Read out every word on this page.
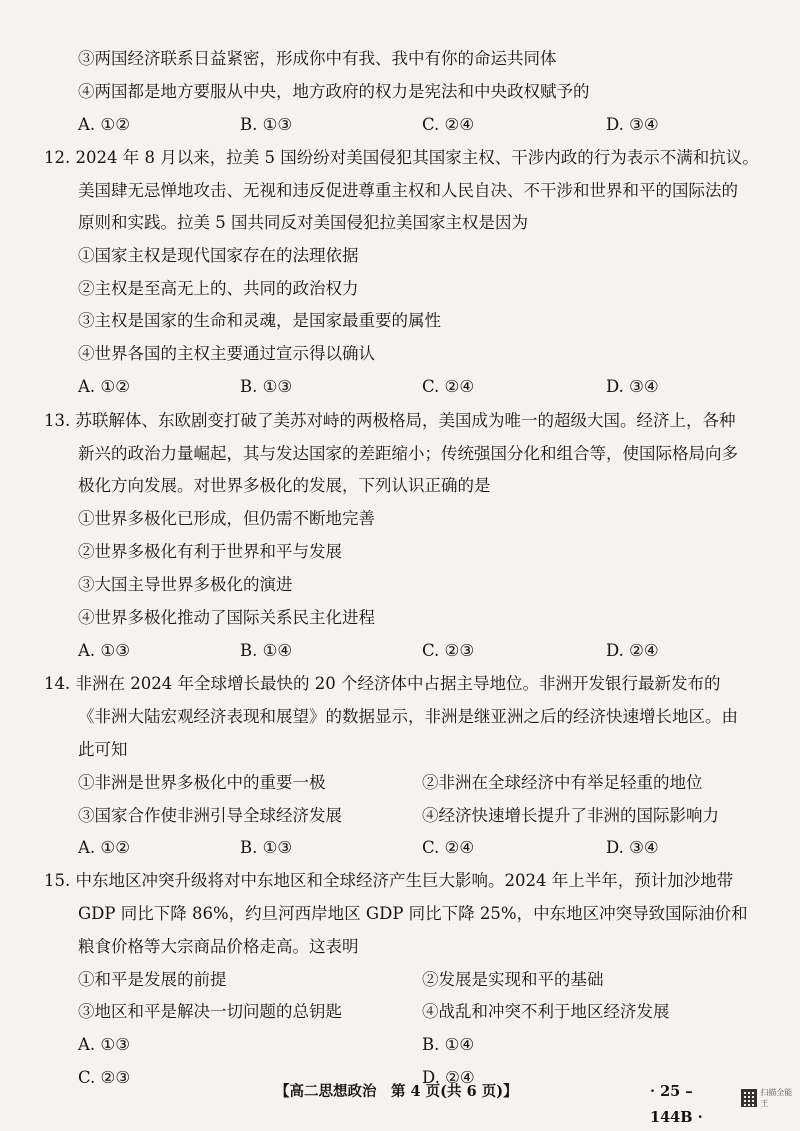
③两国经济联系日益紧密，形成你中有我、我中有你的命运共同体
④两国都是地方要服从中央，地方政府的权力是宪法和中央政权赋予的
A. ①②	B. ①③	C. ②④	D. ③④
12. 2024 年 8 月以来，拉美 5 国纷纷对美国侵犯其国家主权、干涉内政的行为表示不满和抗议。
美国肆无忌惮地攻击、无视和违反促进尊重主权和人民自决、不干涉和世界和平的国际法的
原则和实践。拉美 5 国共同反对美国侵犯拉美国家主权是因为
①国家主权是现代国家存在的法理依据
②主权是至高无上的、共同的政治权力
③主权是国家的生命和灵魂，是国家最重要的属性
④世界各国的主权主要通过宣示得以确认
A. ①②	B. ①③	C. ②④	D. ③④
13. 苏联解体、东欧剧变打破了美苏对峙的两极格局，美国成为唯一的超级大国。经济上，各种
新兴的政治力量崛起，其与发达国家的差距缩小；传统强国分化和组合等，使国际格局向多
极化方向发展。对世界多极化的发展，下列认识正确的是
①世界多极化已形成，但仍需不断地完善
②世界多极化有利于世界和平与发展
③大国主导世界多极化的演进
④世界多极化推动了国际关系民主化进程
A. ①③	B. ①④	C. ②③	D. ②④
14. 非洲在 2024 年全球增长最快的 20 个经济体中占据主导地位。非洲开发银行最新发布的
《非洲大陆宏观经济表现和展望》的数据显示，非洲是继亚洲之后的经济快速增长地区。由
此可知
①非洲是世界多极化中的重要一极	②非洲在全球经济中有举足轻重的地位
③国家合作使非洲引导全球经济发展	④经济快速增长提升了非洲的国际影响力
A. ①②	B. ①③	C. ②④	D. ③④
15. 中东地区冲突升级将对中东地区和全球经济产生巨大影响。2024 年上半年，预计加沙地带
GDP 同比下降 86%，约旦河西岸地区 GDP 同比下降 25%，中东地区冲突导致国际油价和
粮食价格等大宗商品价格走高。这表明
①和平是发展的前提	②发展是实现和平的基础
③地区和平是解决一切问题的总钥匙	④战乱和冲突不利于地区经济发展
A. ①③	B. ①④
C. ②③	D. ②④
扫描全能王
【高二思想政治　第 4 页(共 6 页)】	· 25 – 144B ·
